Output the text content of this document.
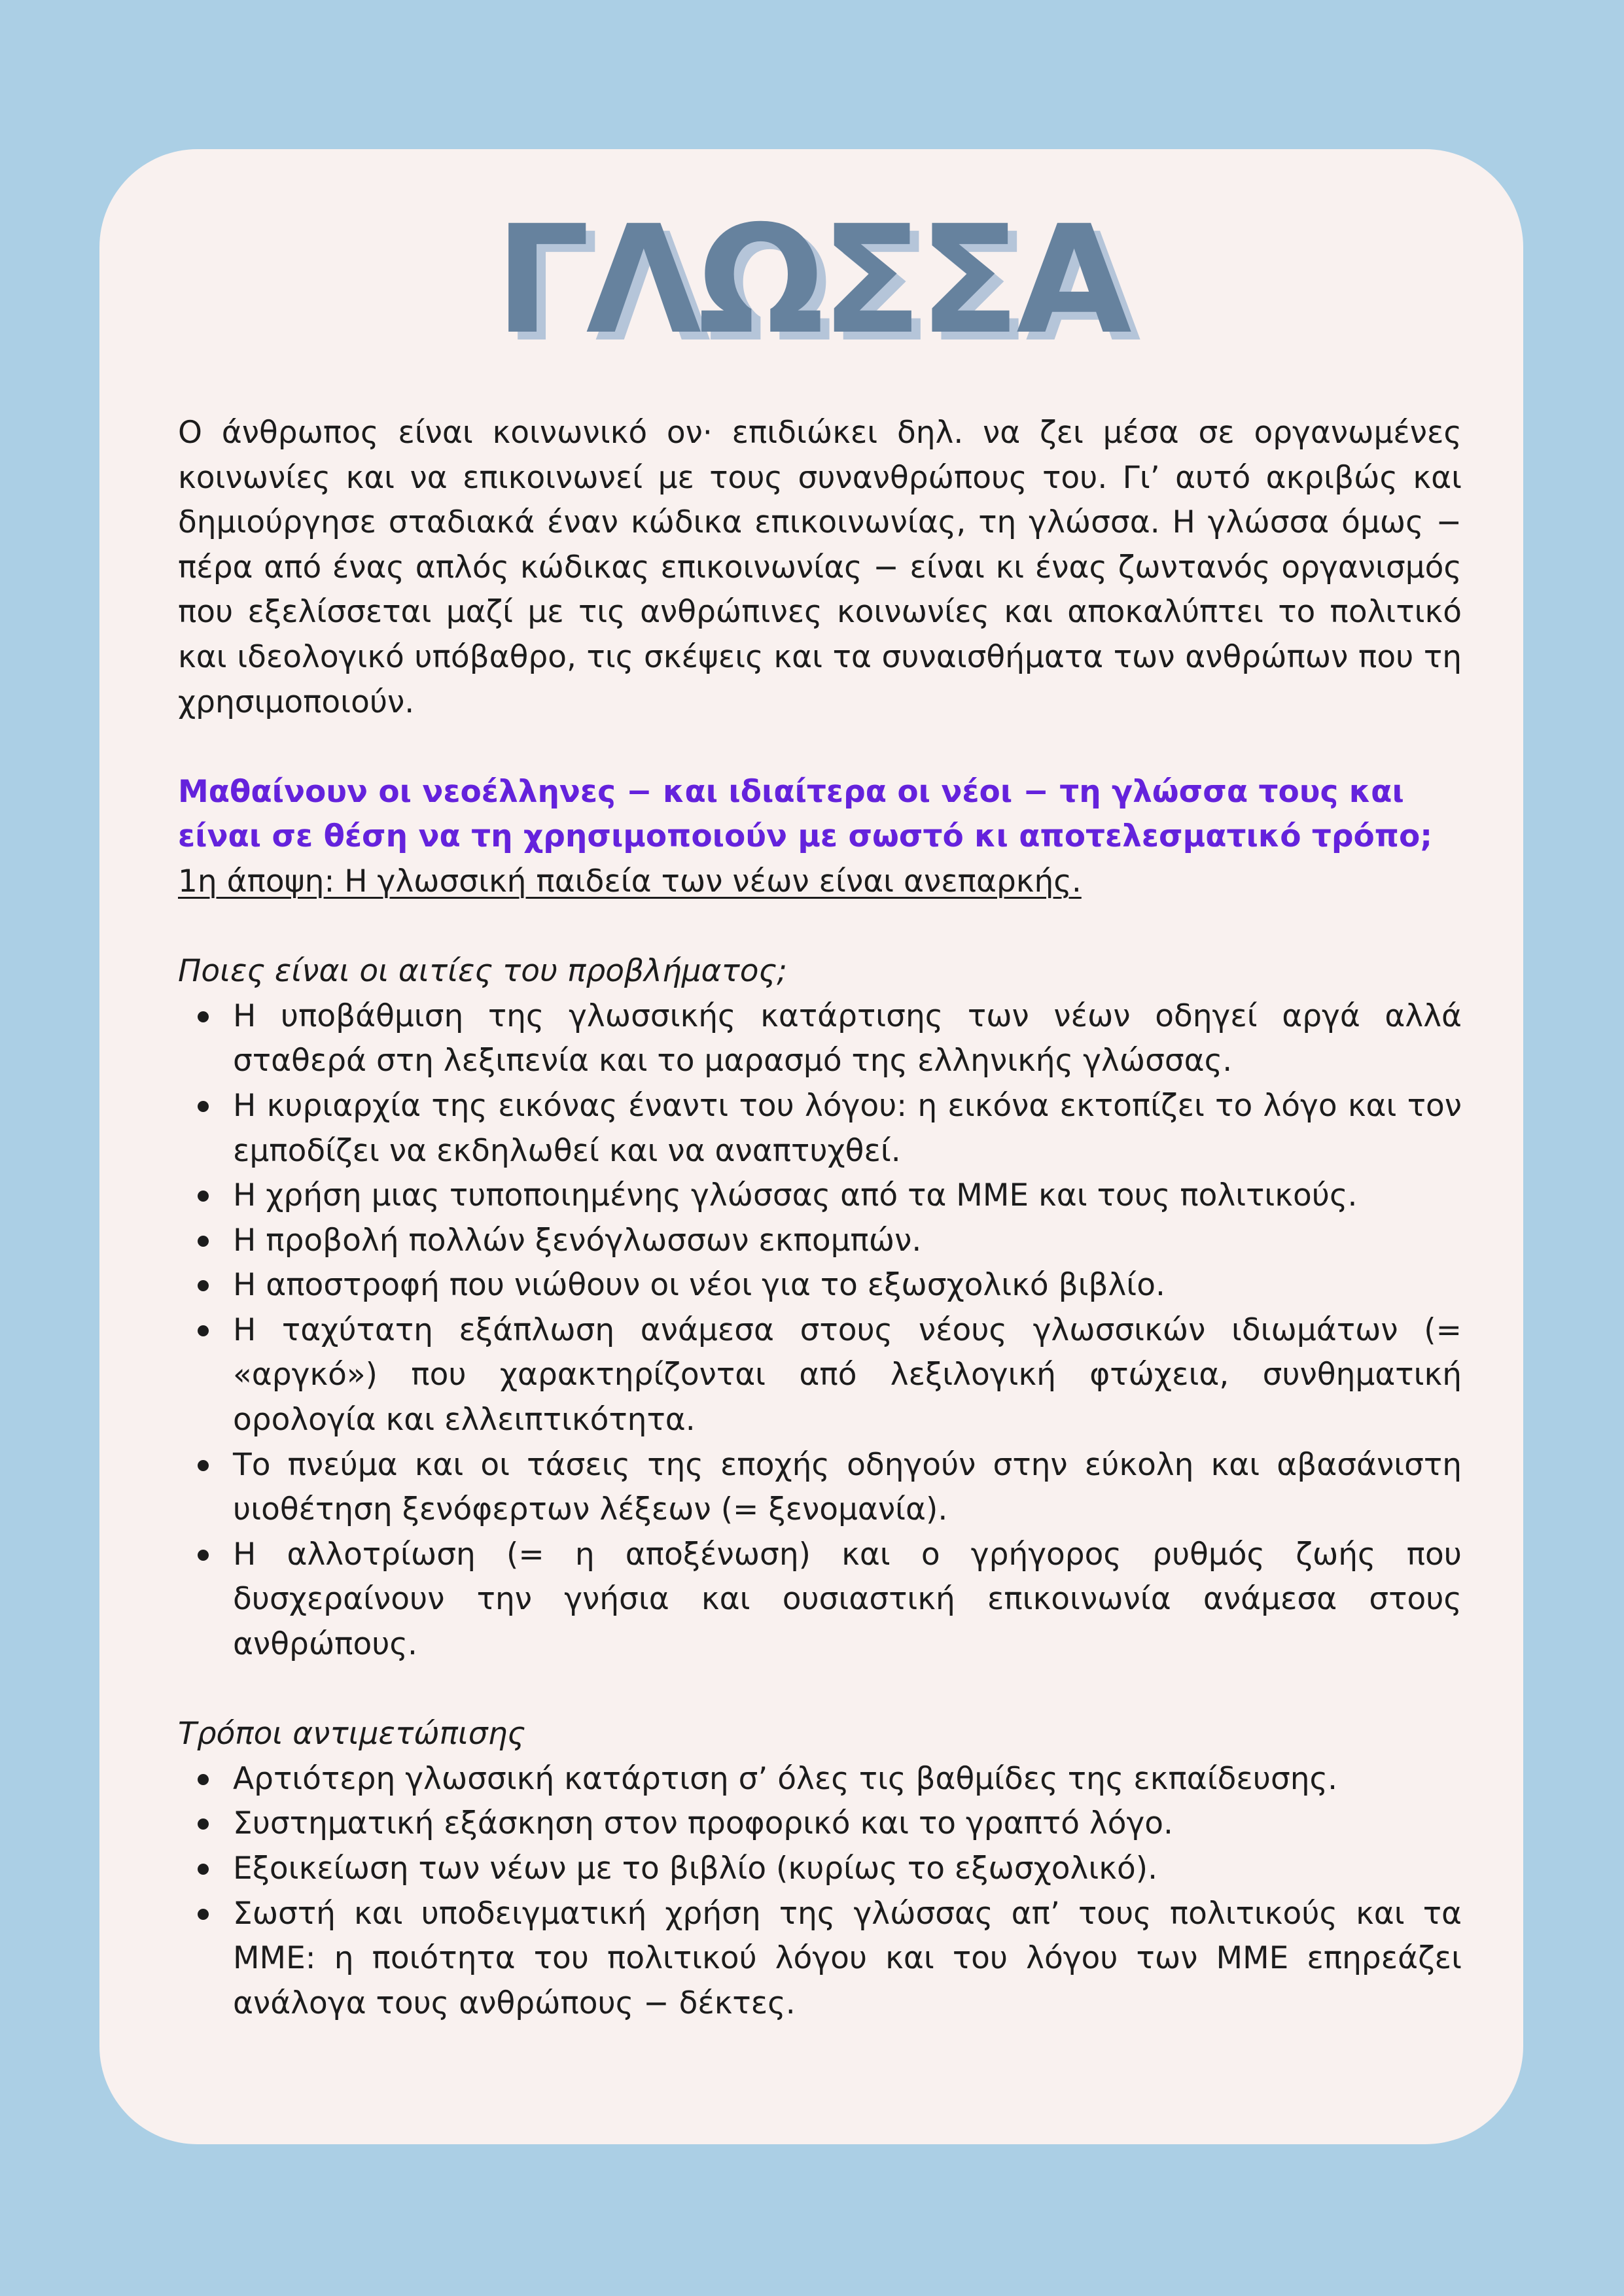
ΓΛΩΣΣΑ

Ο άνθρωπος είναι κοινωνικό ον· επιδιώκει δηλ. να ζει μέσα σε οργανωμένες κοινωνίες και να επικοινωνεί με τους συνανθρώπους του. Γι’ αυτό ακριβώς και δημιούργησε σταδιακά έναν κώδικα επικοινωνίας, τη γλώσσα. Η γλώσσα όμως − πέρα από ένας απλός κώδικας επικοινωνίας − είναι κι ένας ζωντανός οργανισμός που εξελίσσεται μαζί με τις ανθρώπινες κοινωνίες και αποκαλύπτει το πολιτικό και ιδεολογικό υπόβαθρο, τις σκέψεις και τα συναισθήματα των ανθρώπων που τη χρησιμοποιούν.

Μαθαίνουν οι νεοέλληνες − και ιδιαίτερα οι νέοι − τη γλώσσα τους και είναι σε θέση να τη χρησιμοποιούν με σωστό κι αποτελεσματικό τρόπο;

1η άποψη: Η γλωσσική παιδεία των νέων είναι ανεπαρκής.

Ποιες είναι οι αιτίες του προβλήματος;

Η υποβάθμιση της γλωσσικής κατάρτισης των νέων οδηγεί αργά αλλά σταθερά στη λεξιπενία και το μαρασμό της ελληνικής γλώσσας.
Η κυριαρχία της εικόνας έναντι του λόγου: η εικόνα εκτοπίζει το λόγο και τον εμποδίζει να εκδηλωθεί και να αναπτυχθεί.
Η χρήση μιας τυποποιημένης γλώσσας από τα ΜΜΕ και τους πολιτικούς.
Η προβολή πολλών ξενόγλωσσων εκπομπών.
Η αποστροφή που νιώθουν οι νέοι για το εξωσχολικό βιβλίο.
Η ταχύτατη εξάπλωση ανάμεσα στους νέους γλωσσικών ιδιωμάτων (= «αργκό») που χαρακτηρίζονται από λεξιλογική φτώχεια, συνθηματική ορολογία και ελλειπτικότητα.
Το πνεύμα και οι τάσεις της εποχής οδηγούν στην εύκολη και αβασάνιστη υιοθέτηση ξενόφερτων λέξεων (= ξενομανία).
Η αλλοτρίωση (= η αποξένωση) και ο γρήγορος ρυθμός ζωής που δυσχεραίνουν την γνήσια και ουσιαστική επικοινωνία ανάμεσα στους ανθρώπους.

Τρόποι αντιμετώπισης

Αρτιότερη γλωσσική κατάρτιση σ’ όλες τις βαθμίδες της εκπαίδευσης.
Συστηματική εξάσκηση στον προφορικό και το γραπτό λόγο.
Εξοικείωση των νέων με το βιβλίο (κυρίως το εξωσχολικό).
Σωστή και υποδειγματική χρήση της γλώσσας απ’ τους πολιτικούς και τα ΜΜΕ: η ποιότητα του πολιτικού λόγου και του λόγου των ΜΜΕ επηρεάζει ανάλογα τους ανθρώπους − δέκτες.
